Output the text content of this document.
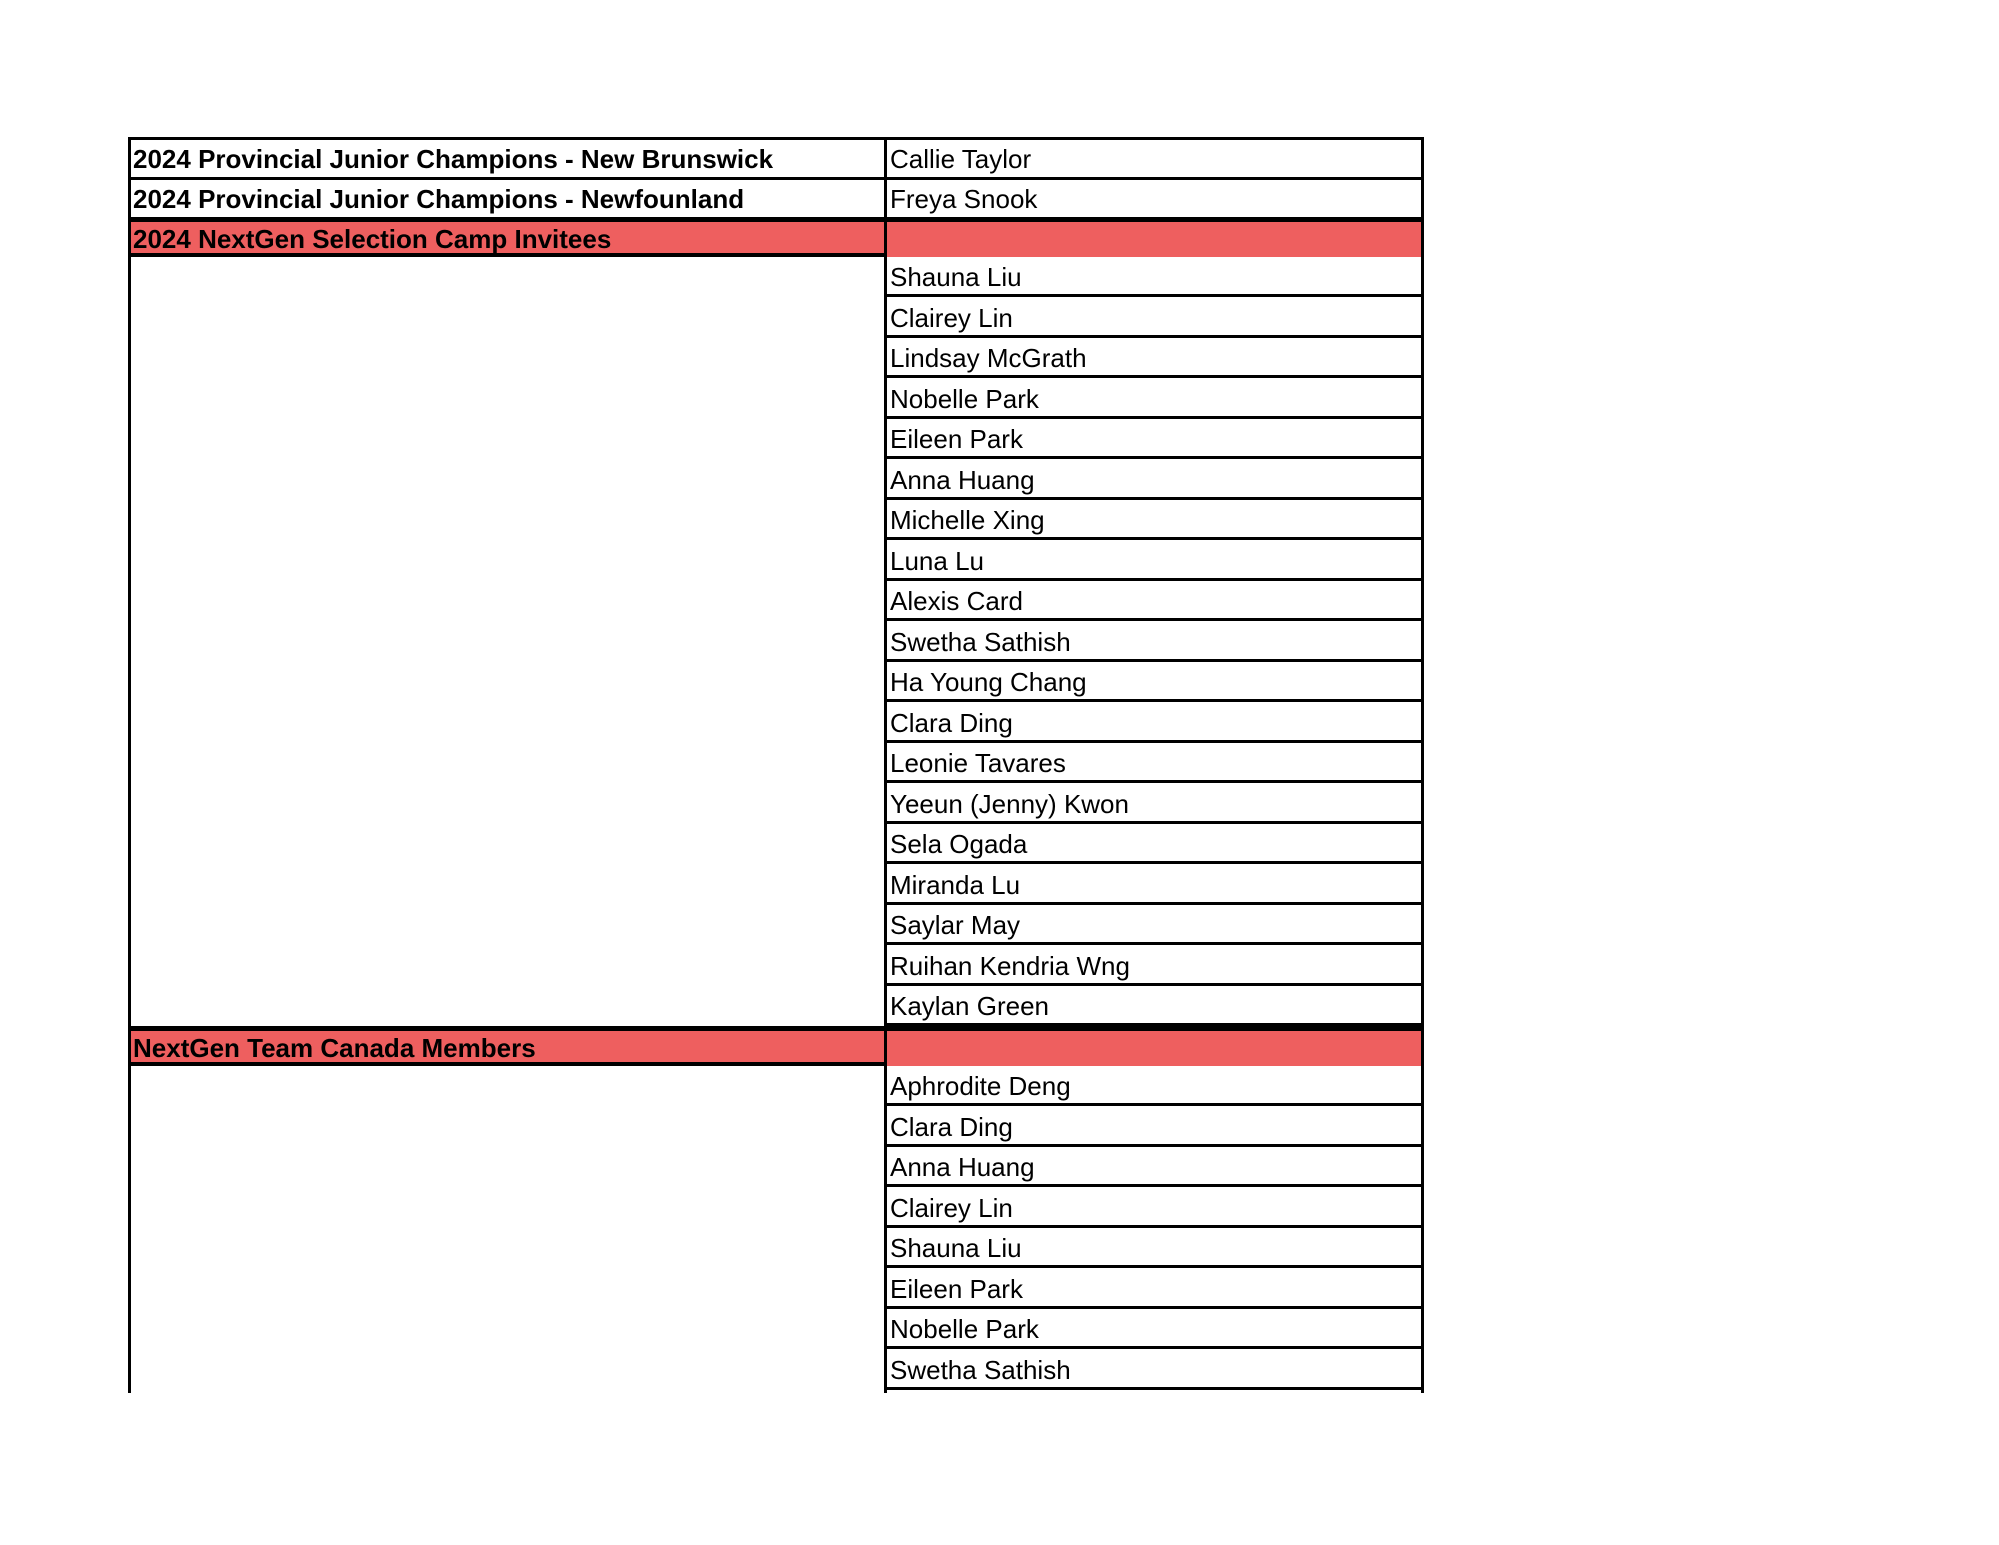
2024 Provincial Junior Champions - New Brunswick	Callie Taylor
2024 Provincial Junior Champions - Newfounland	Freya Snook
2024 NextGen Selection Camp Invitees
Shauna Liu
Clairey Lin
Lindsay McGrath
Nobelle Park
Eileen Park
Anna Huang
Michelle Xing
Luna Lu
Alexis Card
Swetha Sathish
Ha Young Chang
Clara Ding
Leonie Tavares
Yeeun (Jenny) Kwon
Sela Ogada
Miranda Lu
Saylar May
Ruihan Kendria Wng
Kaylan Green
NextGen Team Canada Members
Aphrodite Deng
Clara Ding
Anna Huang
Clairey Lin
Shauna Liu
Eileen Park
Nobelle Park
Swetha Sathish
